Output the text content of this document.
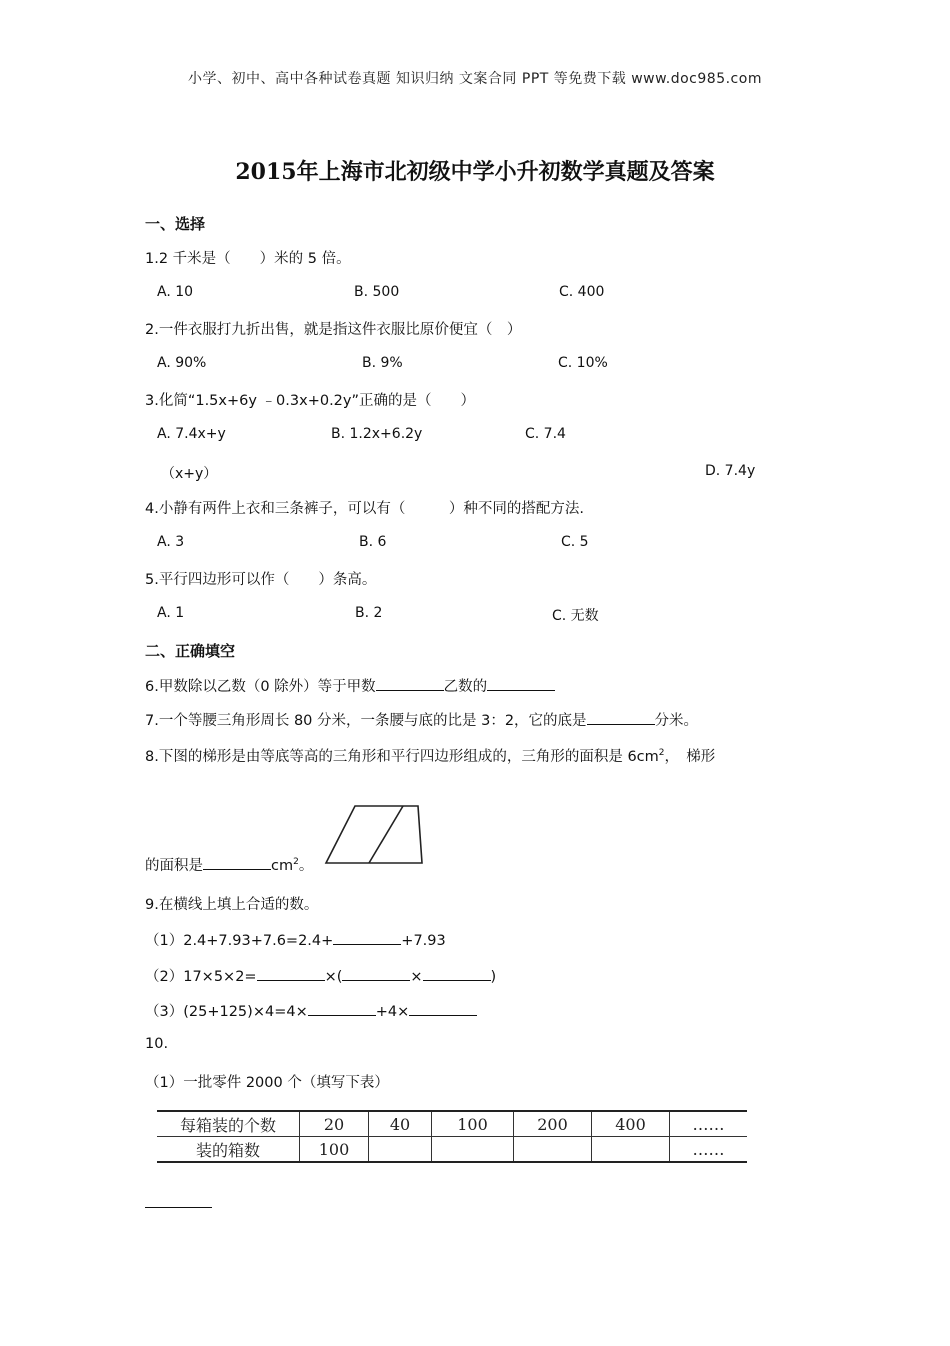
小学、初中、高中各种试卷真题 知识归纳 文案合同 PPT 等免费下载 www.doc985.com
2015年上海市北初级中学小升初数学真题及答案
一、选择
1.2 千米是（　　）米的 5 倍。
A. 10	B. 500	C. 400
2.一件衣服打九折出售，就是指这件衣服比原价便宜（　）
A. 90%	B. 9%	C. 10%
3.化简“1.5x+6y ﹣0.3x+0.2y”正确的是（　　）
A. 7.4x+y	B. 1.2x+6.2y	C. 7.4
（x+y）	D. 7.4y
4.小静有两件上衣和三条裤子，可以有（　　　）种不同的搭配方法.
A. 3	B. 6	C. 5
5.平行四边形可以作（　　）条高。
A. 1	B. 2	C. 无数
二、正确填空
6.甲数除以乙数（0 除外）等于甲数	乙数的
7.一个等腰三角形周长 80 分米，一条腰与底的比是 3：2，它的底是	分米。
8.下图的梯形是由等底等高的三角形和平行四边形组成的，三角形的面积是 $6cm^2$，　梯形
的面积是	$cm^2$。
9.在横线上填上合适的数。
（1）2.4+7.93+7.6=2.4+	+7.93
（2）17×5×2=	×(	×	)
（3）(25+125)×4=4×	+4×
10.
（1）一批零件 2000 个（填写下表）
每箱装的个数	20	40	100	200	400	……
装的箱数	100					……
